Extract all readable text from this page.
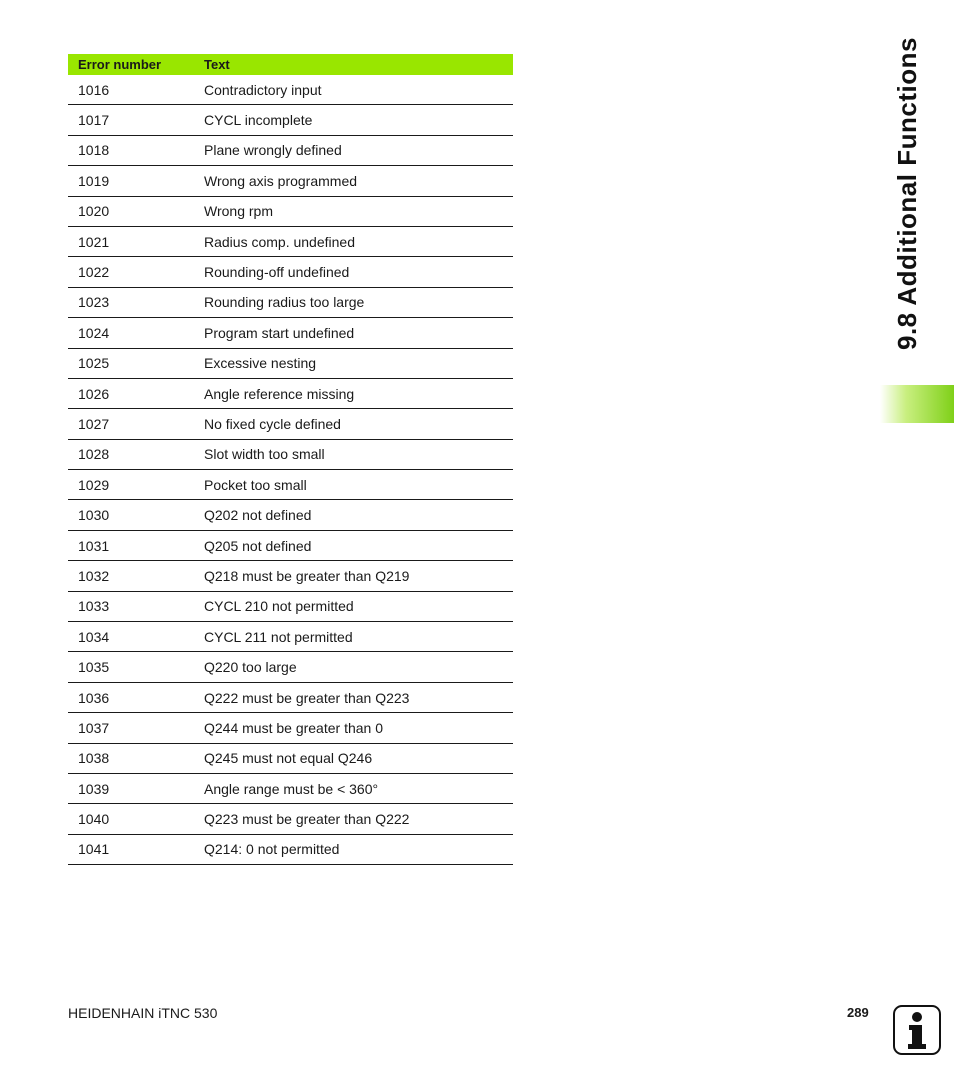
Error number	Text
1016	Contradictory input
1017	CYCL incomplete
1018	Plane wrongly defined
1019	Wrong axis programmed
1020	Wrong rpm
1021	Radius comp. undefined
1022	Rounding-off undefined
1023	Rounding radius too large
1024	Program start undefined
1025	Excessive nesting
1026	Angle reference missing
1027	No fixed cycle defined
1028	Slot width too small
1029	Pocket too small
1030	Q202 not defined
1031	Q205 not defined
1032	Q218 must be greater than Q219
1033	CYCL 210 not permitted
1034	CYCL 211 not permitted
1035	Q220 too large
1036	Q222 must be greater than Q223
1037	Q244 must be greater than 0
1038	Q245 must not equal Q246
1039	Angle range must be < 360°
1040	Q223 must be greater than Q222
1041	Q214: 0 not permitted
9.8 Additional Functions
HEIDENHAIN iTNC 530	289
